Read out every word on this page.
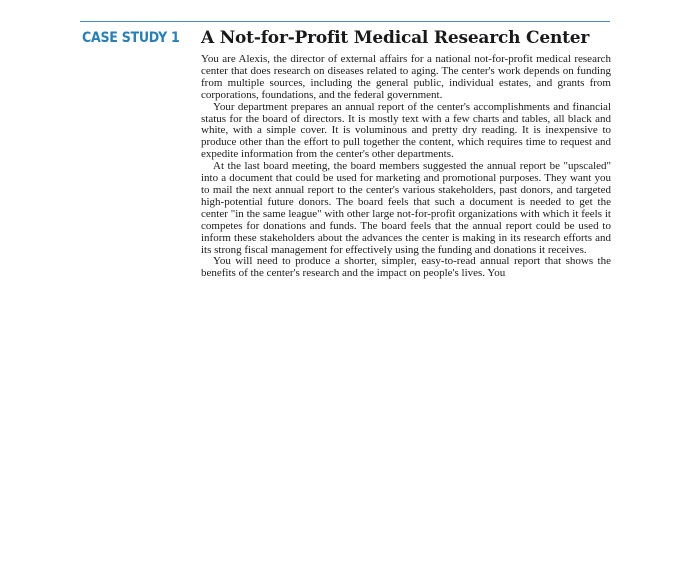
CASE STUDY 1 A Not-for-Profit Medical Research Center

You are Alexis, the director of external affairs for a national not-for-profit medical research center that does research on diseases related to aging. The center's work depends on funding from multiple sources, including the general public, individual estates, and grants from corporations, foundations, and the federal government.

Your department prepares an annual report of the center's accomplishments and financial status for the board of directors. It is mostly text with a few charts and tables, all black and white, with a simple cover. It is voluminous and pretty dry reading. It is inexpensive to produce other than the effort to pull together the content, which requires time to request and expedite information from the center's other departments.

At the last board meeting, the board members suggested the annual report be "upscaled" into a document that could be used for marketing and promotional purposes. They want you to mail the next annual report to the center's various stakeholders, past donors, and targeted high-potential future donors. The board feels that such a document is needed to get the center "in the same league" with other large not-for-profit organizations with which it feels it competes for donations and funds. The board feels that the annual report could be used to inform these stakeholders about the advances the center is making in its research efforts and its strong fiscal management for effectively using the funding and donations it receives.

You will need to produce a shorter, simpler, easy-to-read annual report that shows the benefits of the center's research and the impact on people's lives. You
